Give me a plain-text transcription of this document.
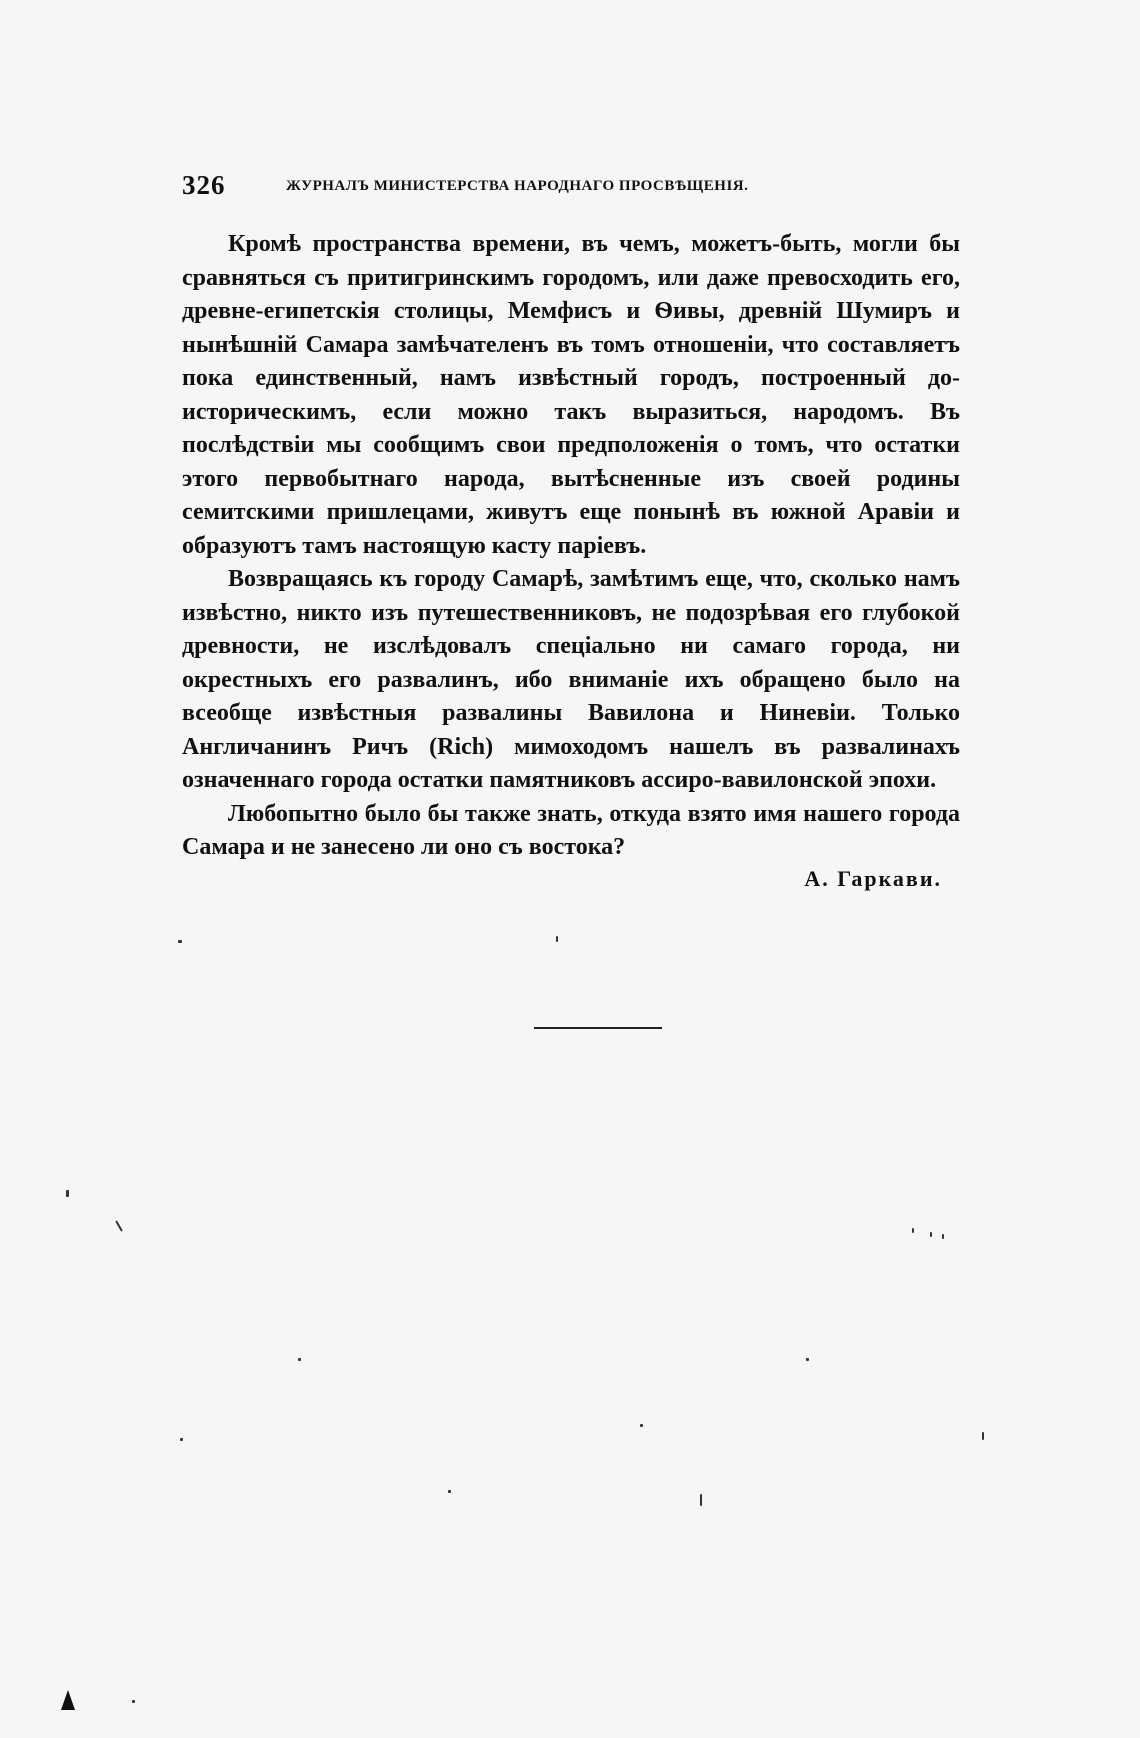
326	ЖУРНАЛЪ МИНИСТЕРСТВА НАРОДНАГО ПРОСВѢЩЕНІЯ.

Кромѣ пространства времени, въ чемъ, можетъ-быть, могли бы сравняться съ притигринскимъ городомъ, или даже превосходить его, древне-египетскія столицы, Мемфисъ и Ѳивы, древній Шумиръ и нынѣшній Самара замѣчателенъ въ томъ отношеніи, что составляетъ пока единственный, намъ извѣстный городъ, построенный до-историческимъ, если можно такъ выразиться, народомъ. Въ послѣдствіи мы сообщимъ свои предположенія о томъ, что остатки этого первобытнаго народа, вытѣсненные изъ своей родины семитскими пришлецами, живутъ еще понынѣ въ южной Аравіи и образуютъ тамъ настоящую касту паріевъ.

Возвращаясь къ городу Самарѣ, замѣтимъ еще, что, сколько намъ извѣстно, никто изъ путешественниковъ, не подозрѣвая его глубокой древности, не изслѣдовалъ спеціально ни самаго города, ни окрестныхъ его развалинъ, ибо вниманіе ихъ обращено было на всеобще извѣстныя развалины Вавилона и Ниневіи. Только Англичанинъ Ричъ (Rich) мимоходомъ нашелъ въ развалинахъ означеннаго города остатки памятниковъ ассиро-вавилонской эпохи.

Любопытно было бы также знать, откуда взято имя нашего города Самара и не занесено ли оно съ востока?

А. Гаркави.
